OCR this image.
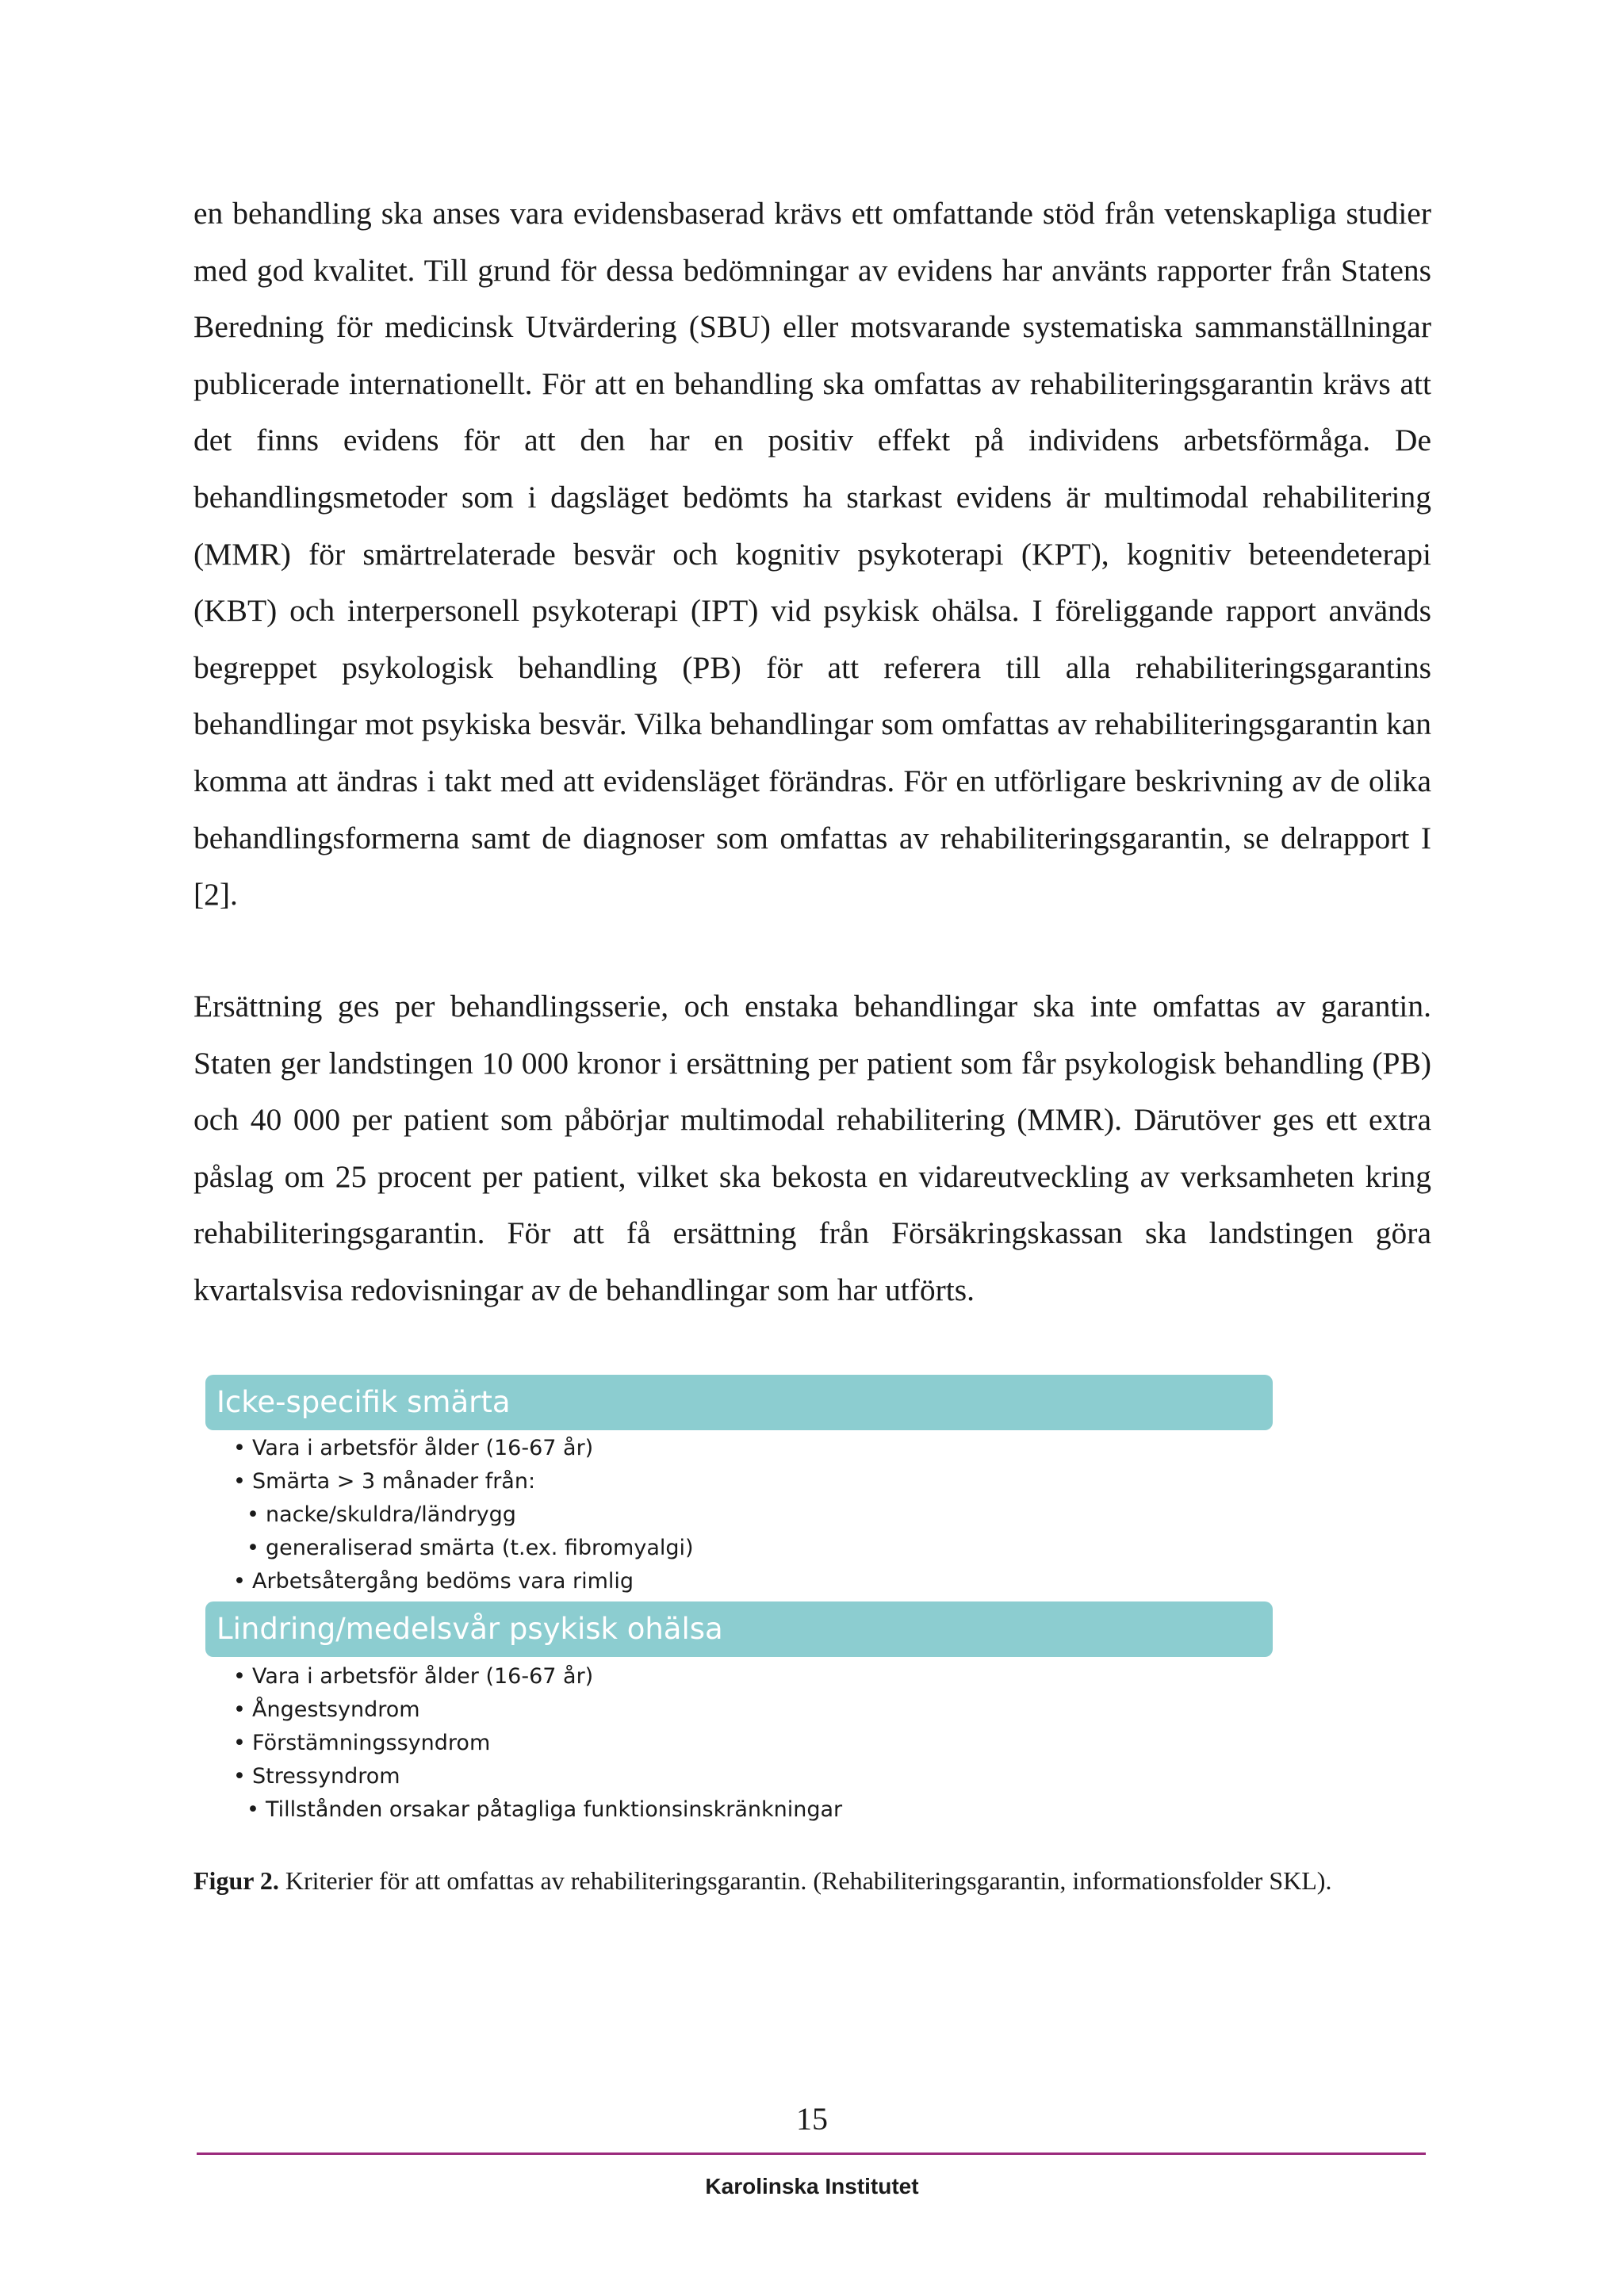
en behandling ska anses vara evidensbaserad krävs ett omfattande stöd från vetenskapliga studier med god kvalitet. Till grund för dessa bedömningar av evidens har använts rapporter från Statens Beredning för medicinsk Utvärdering (SBU) eller motsvarande systematiska sammanställningar publicerade internationellt. För att en behandling ska omfattas av rehabiliteringsgarantin krävs att det finns evidens för att den har en positiv effekt på individens arbetsförmåga. De behandlingsmetoder som i dagsläget bedömts ha starkast evidens är multimodal rehabilitering (MMR) för smärtrelaterade besvär och kognitiv psykoterapi (KPT), kognitiv beteendeterapi (KBT) och interpersonell psykoterapi (IPT) vid psykisk ohälsa. I föreliggande rapport används begreppet psykologisk behandling (PB) för att referera till alla rehabiliteringsgarantins behandlingar mot psykiska besvär. Vilka behandlingar som omfattas av rehabiliteringsgarantin kan komma att ändras i takt med att evidensläget förändras. För en utförligare beskrivning av de olika behandlingsformerna samt de diagnoser som omfattas av rehabiliteringsgarantin, se delrapport I [2].

Ersättning ges per behandlingsserie, och enstaka behandlingar ska inte omfattas av garantin. Staten ger landstingen 10 000 kronor i ersättning per patient som får psykologisk behandling (PB) och 40 000 per patient som påbörjar multimodal rehabilitering (MMR). Därutöver ges ett extra påslag om 25 procent per patient, vilket ska bekosta en vidareutveckling av verksamheten kring rehabiliteringsgarantin. För att få ersättning från Försäkringskassan ska landstingen göra kvartalsvisa redovisningar av de behandlingar som har utförts.

Icke-specifik smärta
• Vara i arbetsför ålder (16-67 år)
• Smärta > 3 månader från:
• nacke/skuldra/ländrygg
• generaliserad smärta (t.ex. fibromyalgi)
• Arbetsåtergång bedöms vara rimlig
Lindring/medelsvår psykisk ohälsa
• Vara i arbetsför ålder (16-67 år)
• Ångestsyndrom
• Förstämningssyndrom
• Stressyndrom
• Tillstånden orsakar påtagliga funktionsinskränkningar
Figur 2. Kriterier för att omfattas av rehabiliteringsgarantin. (Rehabiliteringsgarantin, informationsfolder SKL).
15
Karolinska Institutet
